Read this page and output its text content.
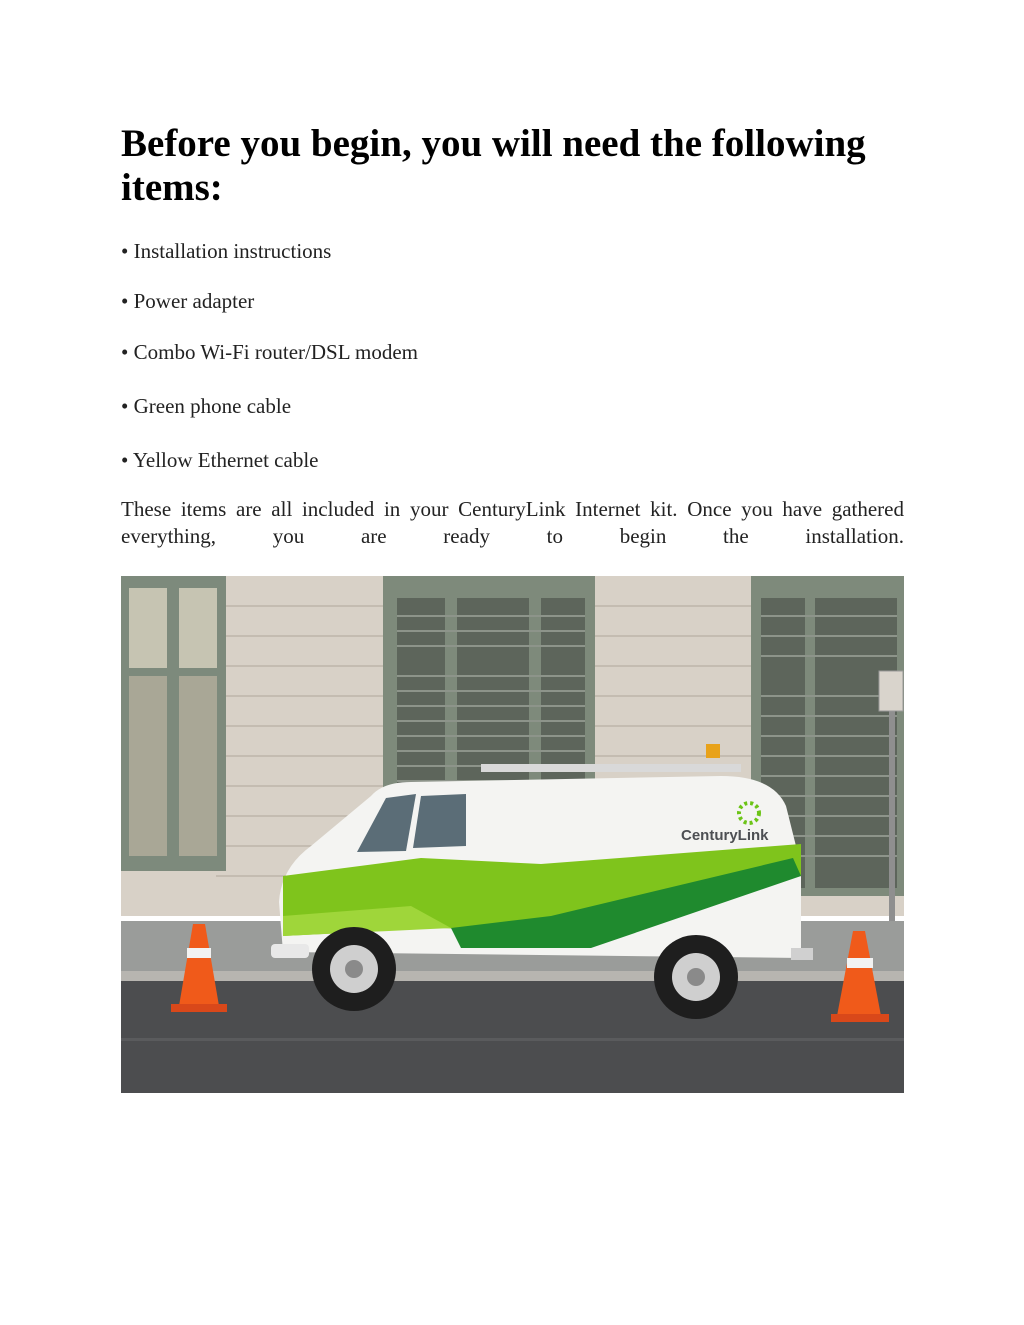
Before you begin, you will need the following items:

• Installation instructions

• Power adapter

• Combo Wi-Fi router/DSL modem

• Green phone cable

• Yellow Ethernet cable

These items are all included in your CenturyLink Internet kit. Once you have gathered everything, you are ready to begin the installation.

CenturyLink
